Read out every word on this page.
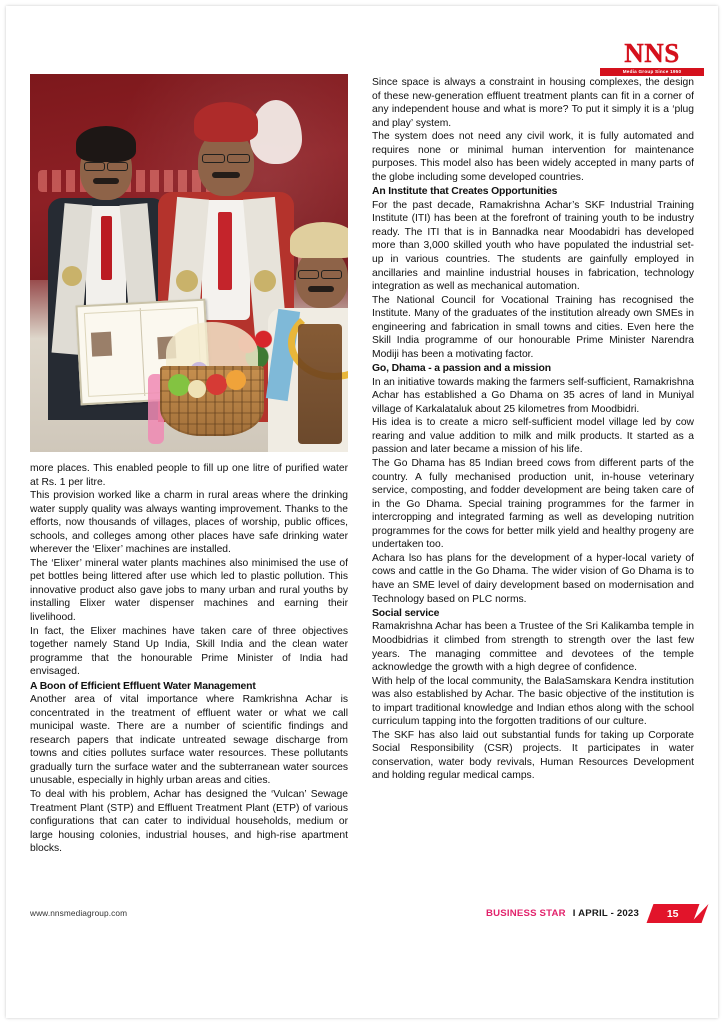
NNS
Media Group Since 1950

more places. This enabled people to fill up one litre of purified water at Rs. 1 per litre.

This provision worked like a charm in rural areas where the drinking water supply quality was always wanting improvement. Thanks to the efforts, now thousands of villages, places of worship, public offices, schools, and colleges among other places have safe drinking water wherever the ‘Elixer’ machines are installed.

The ‘Elixer’ mineral water plants machines also minimised the use of pet bottles being littered after use which led to plastic pollution. This innovative product also gave jobs to many urban and rural youths by installing Elixer water dispenser machines and earning their livelihood.

In fact, the Elixer machines have taken care of three objectives together namely Stand Up India, Skill India and the clean water programme that the honourable Prime Minister of India had envisaged.

A Boon of Efficient Effluent Water Management

Another area of vital importance where Ramkrishna Achar is concentrated in the treatment of effluent water or what we call municipal waste. There are a number of scientific findings and research papers that indicate untreated sewage discharge from towns and cities pollutes surface water resources. These pollutants gradually turn the surface water and the subterranean water sources unusable, especially in highly urban areas and cities.

To deal with his problem, Achar has designed the ‘Vulcan’ Sewage Treatment Plant (STP) and Effluent Treatment Plant (ETP) of various configurations that can cater to individual households, medium or large housing colonies, industrial houses, and high-rise apartment blocks.

Since space is always a constraint in housing complexes, the design of these new-generation effluent treatment plants can fit in a corner of any independent house and what is more? To put it simply it is a ‘plug and play’ system.

The system does not need any civil work, it is fully automated and requires none or minimal human intervention for maintenance purposes. This model also has been widely accepted in many parts of the globe including some developed countries.

An Institute that Creates Opportunities

For the past decade, Ramakrishna Achar’s SKF Industrial Training Institute (ITI) has been at the forefront of training youth to be industry ready. The ITI that is in Bannadka near Moodabidri has developed more than 3,000 skilled youth who have populated the industrial set-up in various countries. The students are gainfully employed in ancillaries and mainline industrial houses in fabrication, technology integration as well as mechanical automation.

The National Council for Vocational Training has recognised the Institute. Many of the graduates of the institution already own SMEs in engineering and fabrication in small towns and cities. Even here the Skill India programme of our honourable Prime Minister Narendra Modiji has been a motivating factor.

Go, Dhama - a passion and a mission

In an initiative towards making the farmers self-sufficient, Ramakrishna Achar has established a Go Dhama on 35 acres of land in Muniyal village of Karkalataluk about 25 kilometres from Moodbidri.

His idea is to create a micro self-sufficient model village led by cow rearing and value addition to milk and milk products. It started as a passion and later became a mission of his life.

The Go Dhama has 85 Indian breed cows from different parts of the country. A fully mechanised production unit, in-house veterinary service, composting, and fodder development are being taken care of in the Go Dhama. Special training programmes for the farmer in intercropping and integrated farming as well as developing nutrition programmes for the cows for better milk yield and healthy progeny are undertaken too.

Achara lso has plans for the development of a hyper-local variety of cows and cattle in the Go Dhama. The wider vision of Go Dhama is to have an SME level of dairy development based on modernisation and Technology based on PLC norms.

Social service

Ramakrishna Achar has been a Trustee of the Sri Kalikamba temple in Moodbidrias it climbed from strength to strength over the last few years. The managing committee and devotees of the temple acknowledge the growth with a high degree of confidence.

With help of the local community, the BalaSamskara Kendra institution was also established by Achar. The basic objective of the institution is to impart traditional knowledge and Indian ethos along with the school curriculum tapping into the forgotten traditions of our culture.

The SKF has also laid out substantial funds for taking up Corporate Social Responsibility (CSR) projects. It participates in water conservation, water body revivals, Human Resources Development and holding regular medical camps.

www.nnsmediagroup.com	BUSINESS STAR I APRIL - 2023	15
